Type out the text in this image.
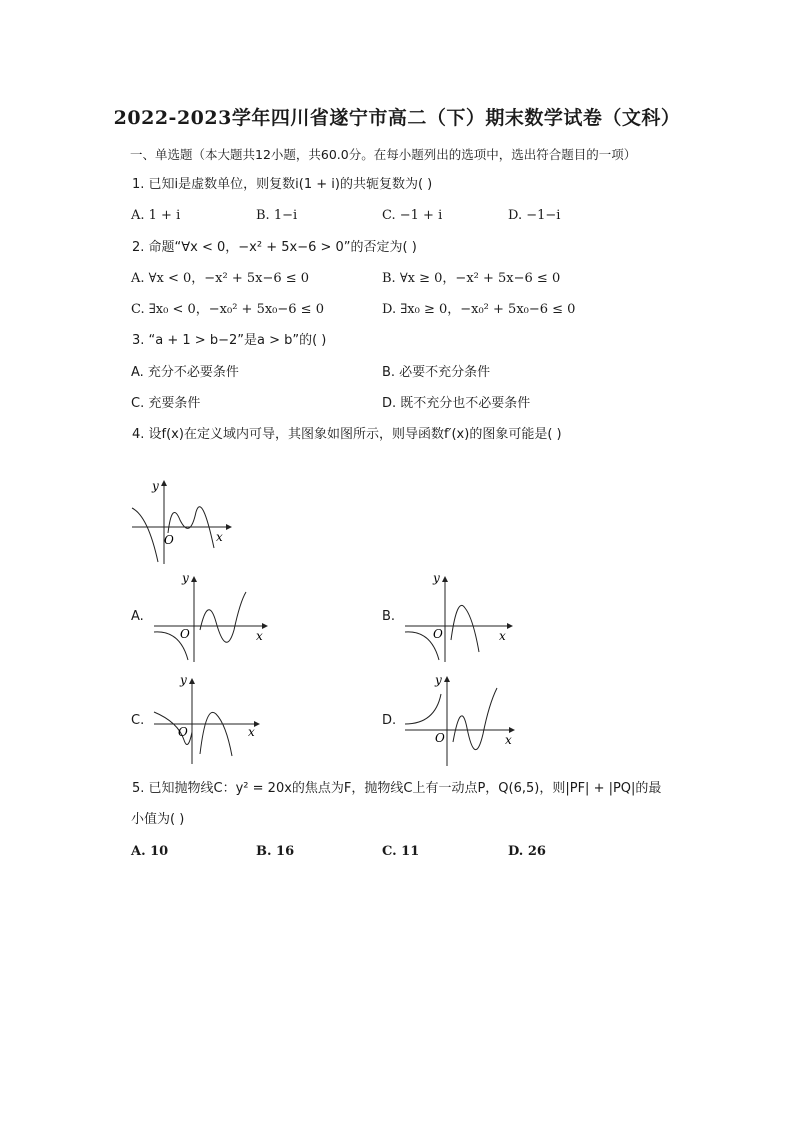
2022-2023学年四川省遂宁市高二（下）期末数学试卷（文科）
一、单选题（本大题共12小题，共60.0分。在每小题列出的选项中，选出符合题目的一项）
1. 已知i是虚数单位，则复数i(1 + i)的共轭复数为( )
A. 1 + i	B. 1−i	C. −1 + i	D. −1−i
2. 命题“∀x < 0，−x² + 5x−6 > 0”的否定为( )
A. ∀x < 0，−x² + 5x−6 ≤ 0	B. ∀x ≥ 0，−x² + 5x−6 ≤ 0
C. ∃x₀ < 0，−x₀² + 5x₀−6 ≤ 0	D. ∃x₀ ≥ 0，−x₀² + 5x₀−6 ≤ 0
3. “a + 1 > b−2”是a > b”的( )
A. 充分不必要条件	B. 必要不充分条件
C. 充要条件	D. 既不充分也不必要条件
4. 设f(x)在定义域内可导，其图象如图所示，则导函数f′(x)的图象可能是( )
y
x
O
A.
y
x
O
B.
y
x
O
C.
y
x
O
D.
y
x
O
5. 已知抛物线C：y² = 20x的焦点为F，抛物线C上有一动点P，Q(6,5)，则|PF| + |PQ|的最
小值为( )
A. 10	B. 16	C. 11	D. 26
